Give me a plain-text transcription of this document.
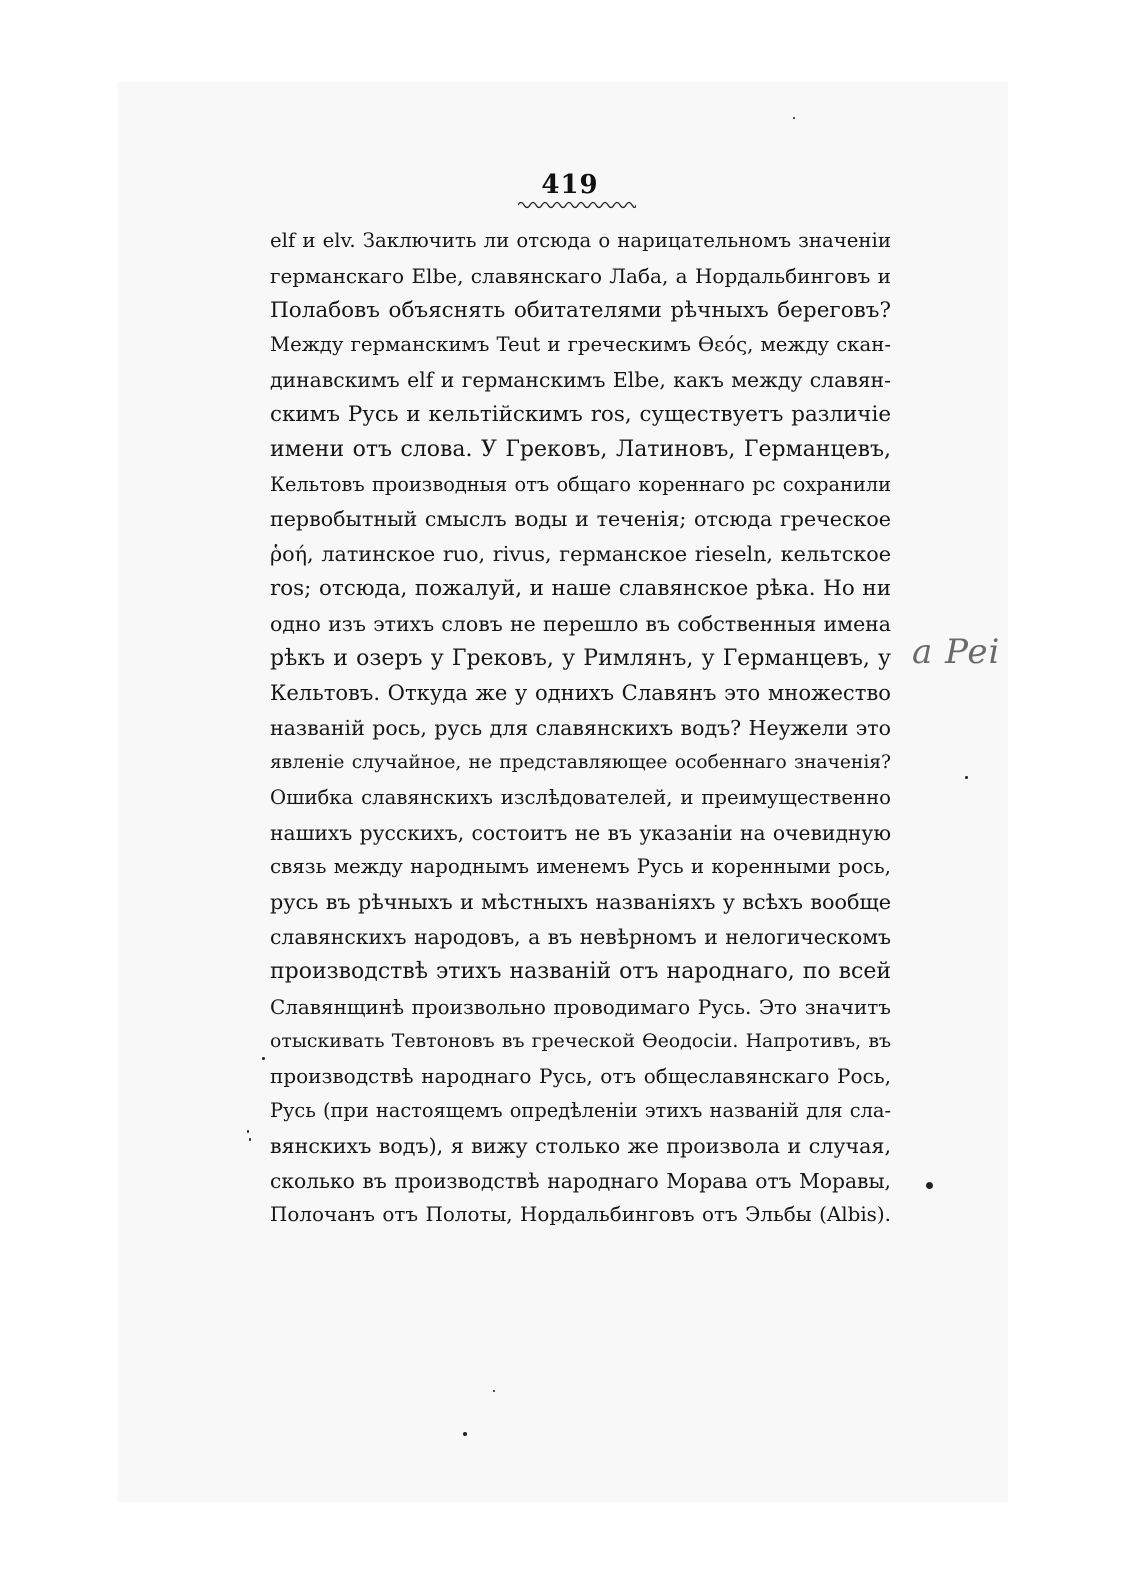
419
elf и elv. Заключить ли отсюда о нарицательномъ значеніи
германскаго Elbe, славянскаго Лаба, а Нордальбинговъ и
Полабовъ объяснять обитателями рѣчныхъ береговъ?
Между германскимъ Teut и греческимъ Ѳεός, между скан-
динавскимъ elf и германскимъ Elbe, какъ между славян-
скимъ Русь и кельтійскимъ ros, существуетъ различіе
имени отъ слова. У Грековъ, Латиновъ, Германцевъ,
Кельтовъ производныя отъ общаго кореннаго рс сохранили
первобытный смыслъ воды и теченія; отсюда греческое
ῥοή, латинское ruo, rivus, германское rieseln, кельтское
ros; отсюда, пожалуй, и наше славянское рѣка. Но ни
одно изъ этихъ словъ не перешло въ собственныя имена
рѣкъ и озеръ у Грековъ, у Римлянъ, у Германцевъ, у
Кельтовъ. Откуда же у однихъ Славянъ это множество
названій рось, русь для славянскихъ водъ? Неужели это
явленіе случайное, не представляющее особеннаго значенія?
Ошибка славянскихъ изслѣдователей, и преимущественно
нашихъ русскихъ, состоитъ не въ указаніи на очевидную
связь между народнымъ именемъ Русь и коренными рось,
русь въ рѣчныхъ и мѣстныхъ названіяхъ у всѣхъ вообще
славянскихъ народовъ, а въ невѣрномъ и нелогическомъ
производствѣ этихъ названій отъ народнаго, по всей
Славянщинѣ произвольно проводимаго Русь. Это значитъ
отыскивать Тевтоновъ въ греческой Ѳеодосіи. Напротивъ, въ
производствѣ народнаго Русь, отъ общеславянскаго Рось,
Русь (при настоящемъ опредѣленіи этихъ названій для сла-
вянскихъ водъ), я вижу столько же произвола и случая,
сколько въ производствѣ народнаго Морава отъ Моравы,
Полочанъ отъ Полоты, Нордальбинговъ отъ Эльбы (Albis).
a Pei
